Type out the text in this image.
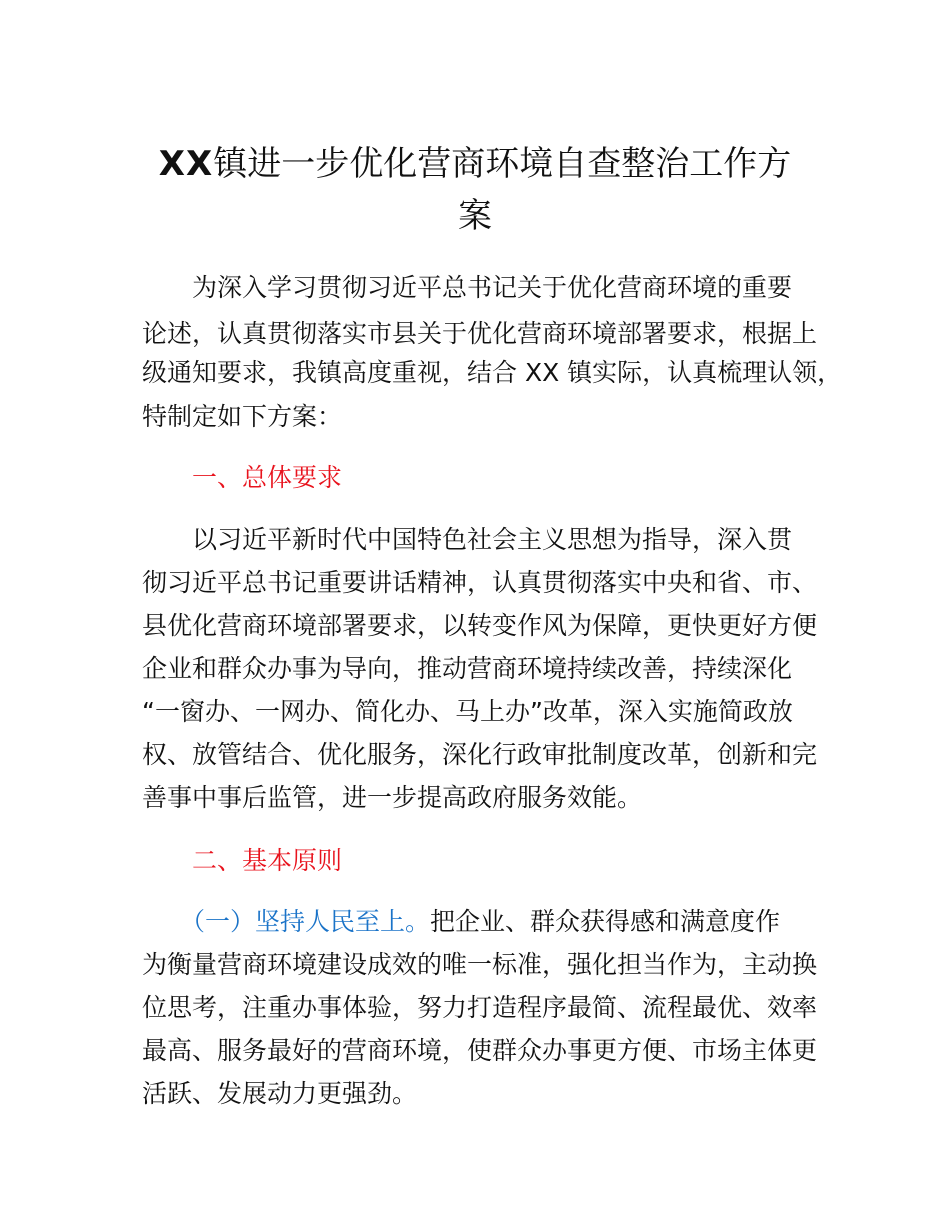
XX镇进一步优化营商环境自查整治工作方
案

为深入学习贯彻习近平总书记关于优化营商环境的重要

论述，认真贯彻落实市县关于优化营商环境部署要求，根据上

级通知要求，我镇高度重视，结合 XX 镇实际，认真梳理认领，

特制定如下方案：

一、总体要求

以习近平新时代中国特色社会主义思想为指导，深入贯

彻习近平总书记重要讲话精神，认真贯彻落实中央和省、市、

县优化营商环境部署要求，以转变作风为保障，更快更好方便

企业和群众办事为导向，推动营商环境持续改善，持续深化

“一窗办、一网办、简化办、马上办”改革，深入实施简政放

权、放管结合、优化服务，深化行政审批制度改革，创新和完

善事中事后监管，进一步提高政府服务效能。

二、基本原则

（一）坚持人民至上。把企业、群众获得感和满意度作

为衡量营商环境建设成效的唯一标准，强化担当作为，主动换

位思考，注重办事体验，努力打造程序最简、流程最优、效率

最高、服务最好的营商环境，使群众办事更方便、市场主体更

活跃、发展动力更强劲。
